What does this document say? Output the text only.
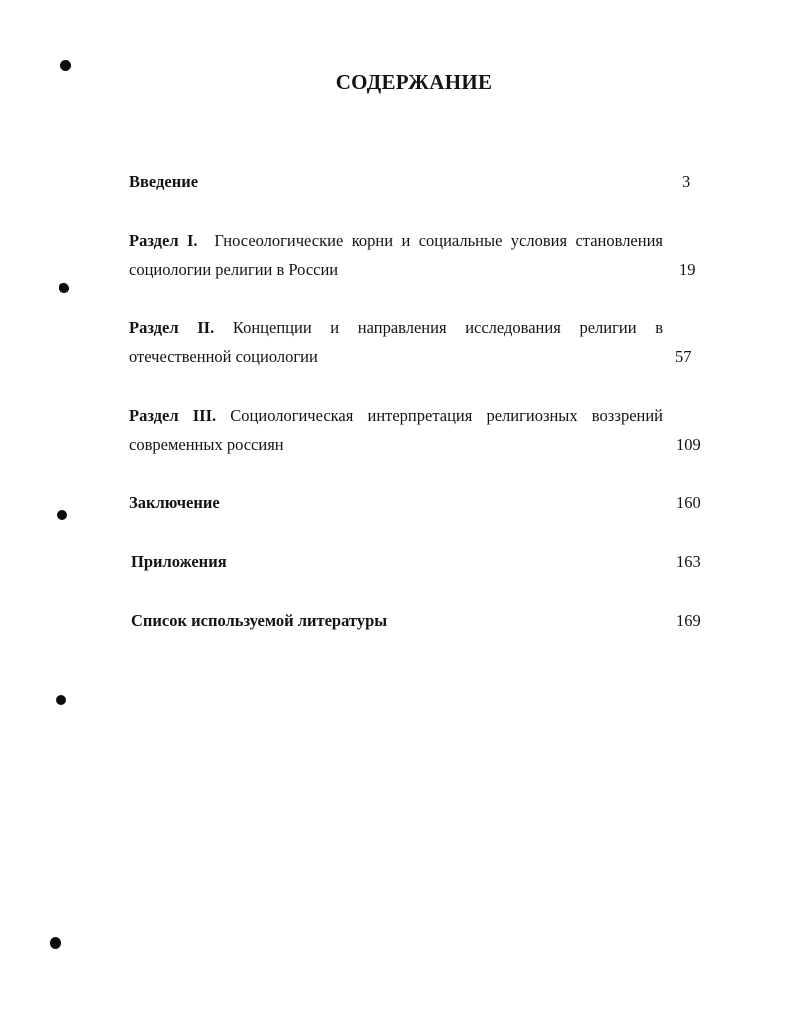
СОДЕРЖАНИЕ
Введение	3
Раздел I. Гносеологические корни и социальные условия становления
социологии религии в России	19
Раздел II. Концепции и направления исследования религии в
отечественной социологии	57
Раздел III. Социологическая интерпретация религиозных воззрений
современных россиян	109
Заключение	160
Приложения	163
Список используемой литературы	169
